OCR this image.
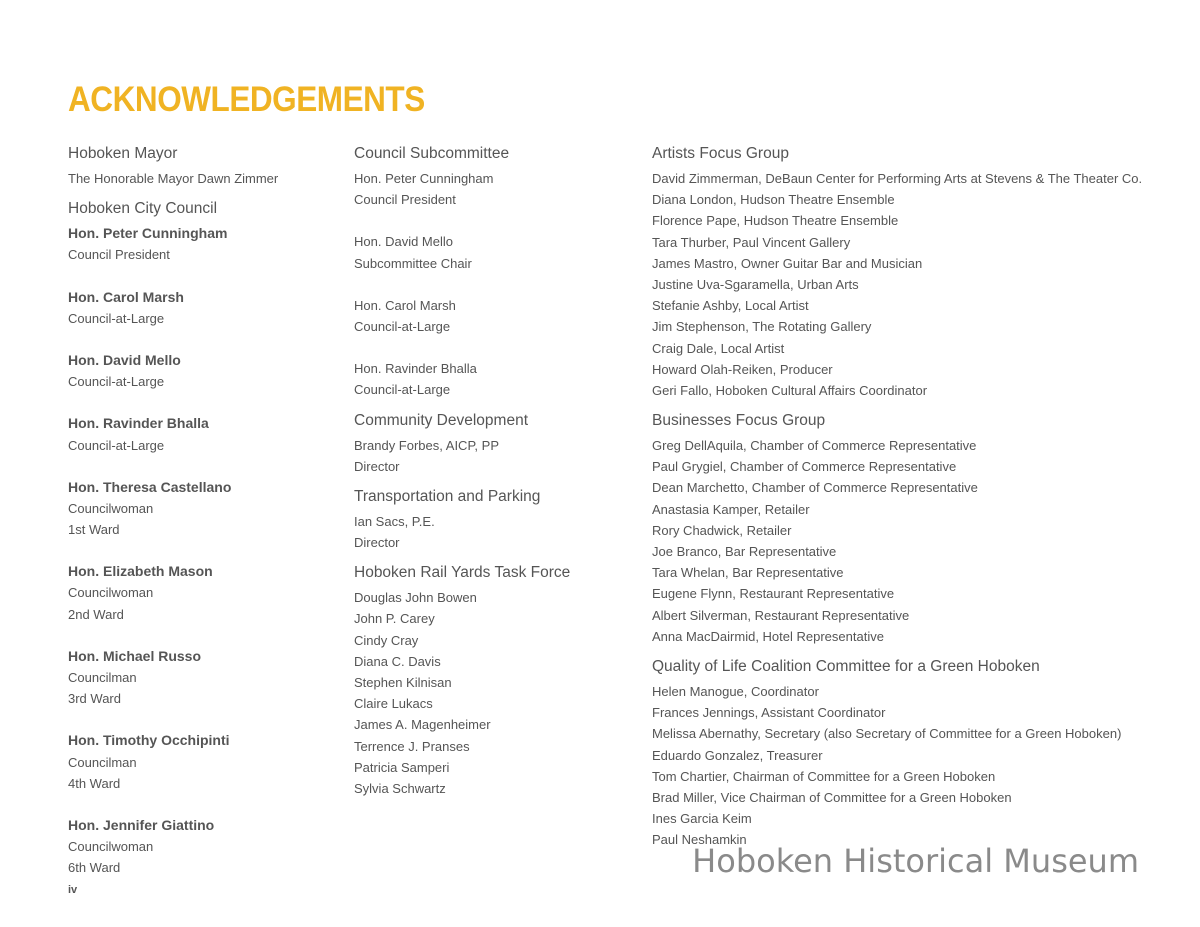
ACKNOWLEDGEMENTS
Hoboken Mayor
The Honorable Mayor Dawn Zimmer
Hoboken City Council
Hon. Peter Cunningham
Council President
Hon. Carol Marsh
Council-at-Large
Hon. David Mello
Council-at-Large
Hon. Ravinder Bhalla
Council-at-Large
Hon. Theresa Castellano
Councilwoman
1st Ward
Hon. Elizabeth Mason
Councilwoman
2nd Ward
Hon. Michael Russo
Councilman
3rd Ward
Hon. Timothy Occhipinti
Councilman
4th Ward
Hon. Jennifer Giattino
Councilwoman
6th Ward
Council Subcommittee
Hon. Peter Cunningham
Council President
Hon. David Mello
Subcommittee Chair
Hon. Carol Marsh
Council-at-Large
Hon. Ravinder Bhalla
Council-at-Large
Community Development
Brandy Forbes, AICP, PP
Director
Transportation and Parking
Ian Sacs, P.E.
Director
Hoboken Rail Yards Task Force
Douglas John Bowen
John P. Carey
Cindy Cray
Diana C. Davis
Stephen Kilnisan
Claire Lukacs
James A. Magenheimer
Terrence J. Pranses
Patricia Samperi
Sylvia Schwartz
Artists Focus Group
David Zimmerman, DeBaun Center for Performing Arts at Stevens & The Theater Co.
Diana London, Hudson Theatre Ensemble
Florence Pape, Hudson Theatre Ensemble
Tara Thurber, Paul Vincent Gallery
James Mastro, Owner Guitar Bar and Musician
Justine Uva-Sgaramella, Urban Arts
Stefanie Ashby, Local Artist
Jim Stephenson, The Rotating Gallery
Craig Dale, Local Artist
Howard Olah-Reiken, Producer
Geri Fallo, Hoboken Cultural Affairs Coordinator
Businesses Focus Group
Greg DellAquila, Chamber of Commerce Representative
Paul Grygiel, Chamber of Commerce Representative
Dean Marchetto, Chamber of Commerce Representative
Anastasia Kamper, Retailer
Rory Chadwick, Retailer
Joe Branco, Bar Representative
Tara Whelan, Bar Representative
Eugene Flynn, Restaurant Representative
Albert Silverman, Restaurant Representative
Anna MacDairmid, Hotel Representative
Quality of Life Coalition Committee for a Green Hoboken
Helen Manogue, Coordinator
Frances Jennings, Assistant Coordinator
Melissa Abernathy, Secretary (also Secretary of Committee for a Green Hoboken)
Eduardo Gonzalez, Treasurer
Tom Chartier, Chairman of Committee for a Green Hoboken
Brad Miller, Vice Chairman of Committee for a Green Hoboken
Ines Garcia Keim
Paul Neshamkin
Hoboken Historical Museum
iv
